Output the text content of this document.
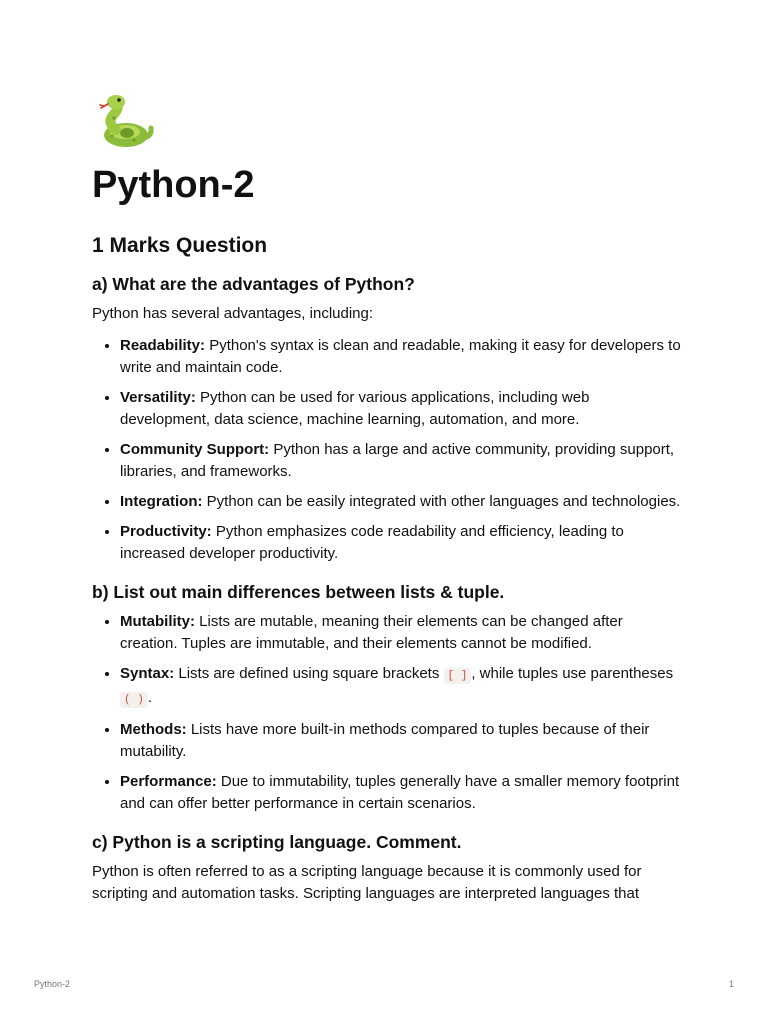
Python-2
1 Marks Question
a) What are the advantages of Python?

Python has several advantages, including:

• Readability: Python's syntax is clean and readable, making it easy for developers to write and maintain code.
• Versatility: Python can be used for various applications, including web development, data science, machine learning, automation, and more.
• Community Support: Python has a large and active community, providing support, libraries, and frameworks.
• Integration: Python can be easily integrated with other languages and technologies.
• Productivity: Python emphasizes code readability and efficiency, leading to increased developer productivity.
b) List out main differences between lists & tuple.
• Mutability: Lists are mutable, meaning their elements can be changed after creation. Tuples are immutable, and their elements cannot be modified.
• Syntax: Lists are defined using square brackets [ ] , while tuples use parentheses ( ) .
• Methods: Lists have more built-in methods compared to tuples because of their mutability.
• Performance: Due to immutability, tuples generally have a smaller memory footprint and can offer better performance in certain scenarios.
c) Python is a scripting language. Comment.

Python is often referred to as a scripting language because it is commonly used for scripting and automation tasks. Scripting languages are interpreted languages that

Python-2	1
